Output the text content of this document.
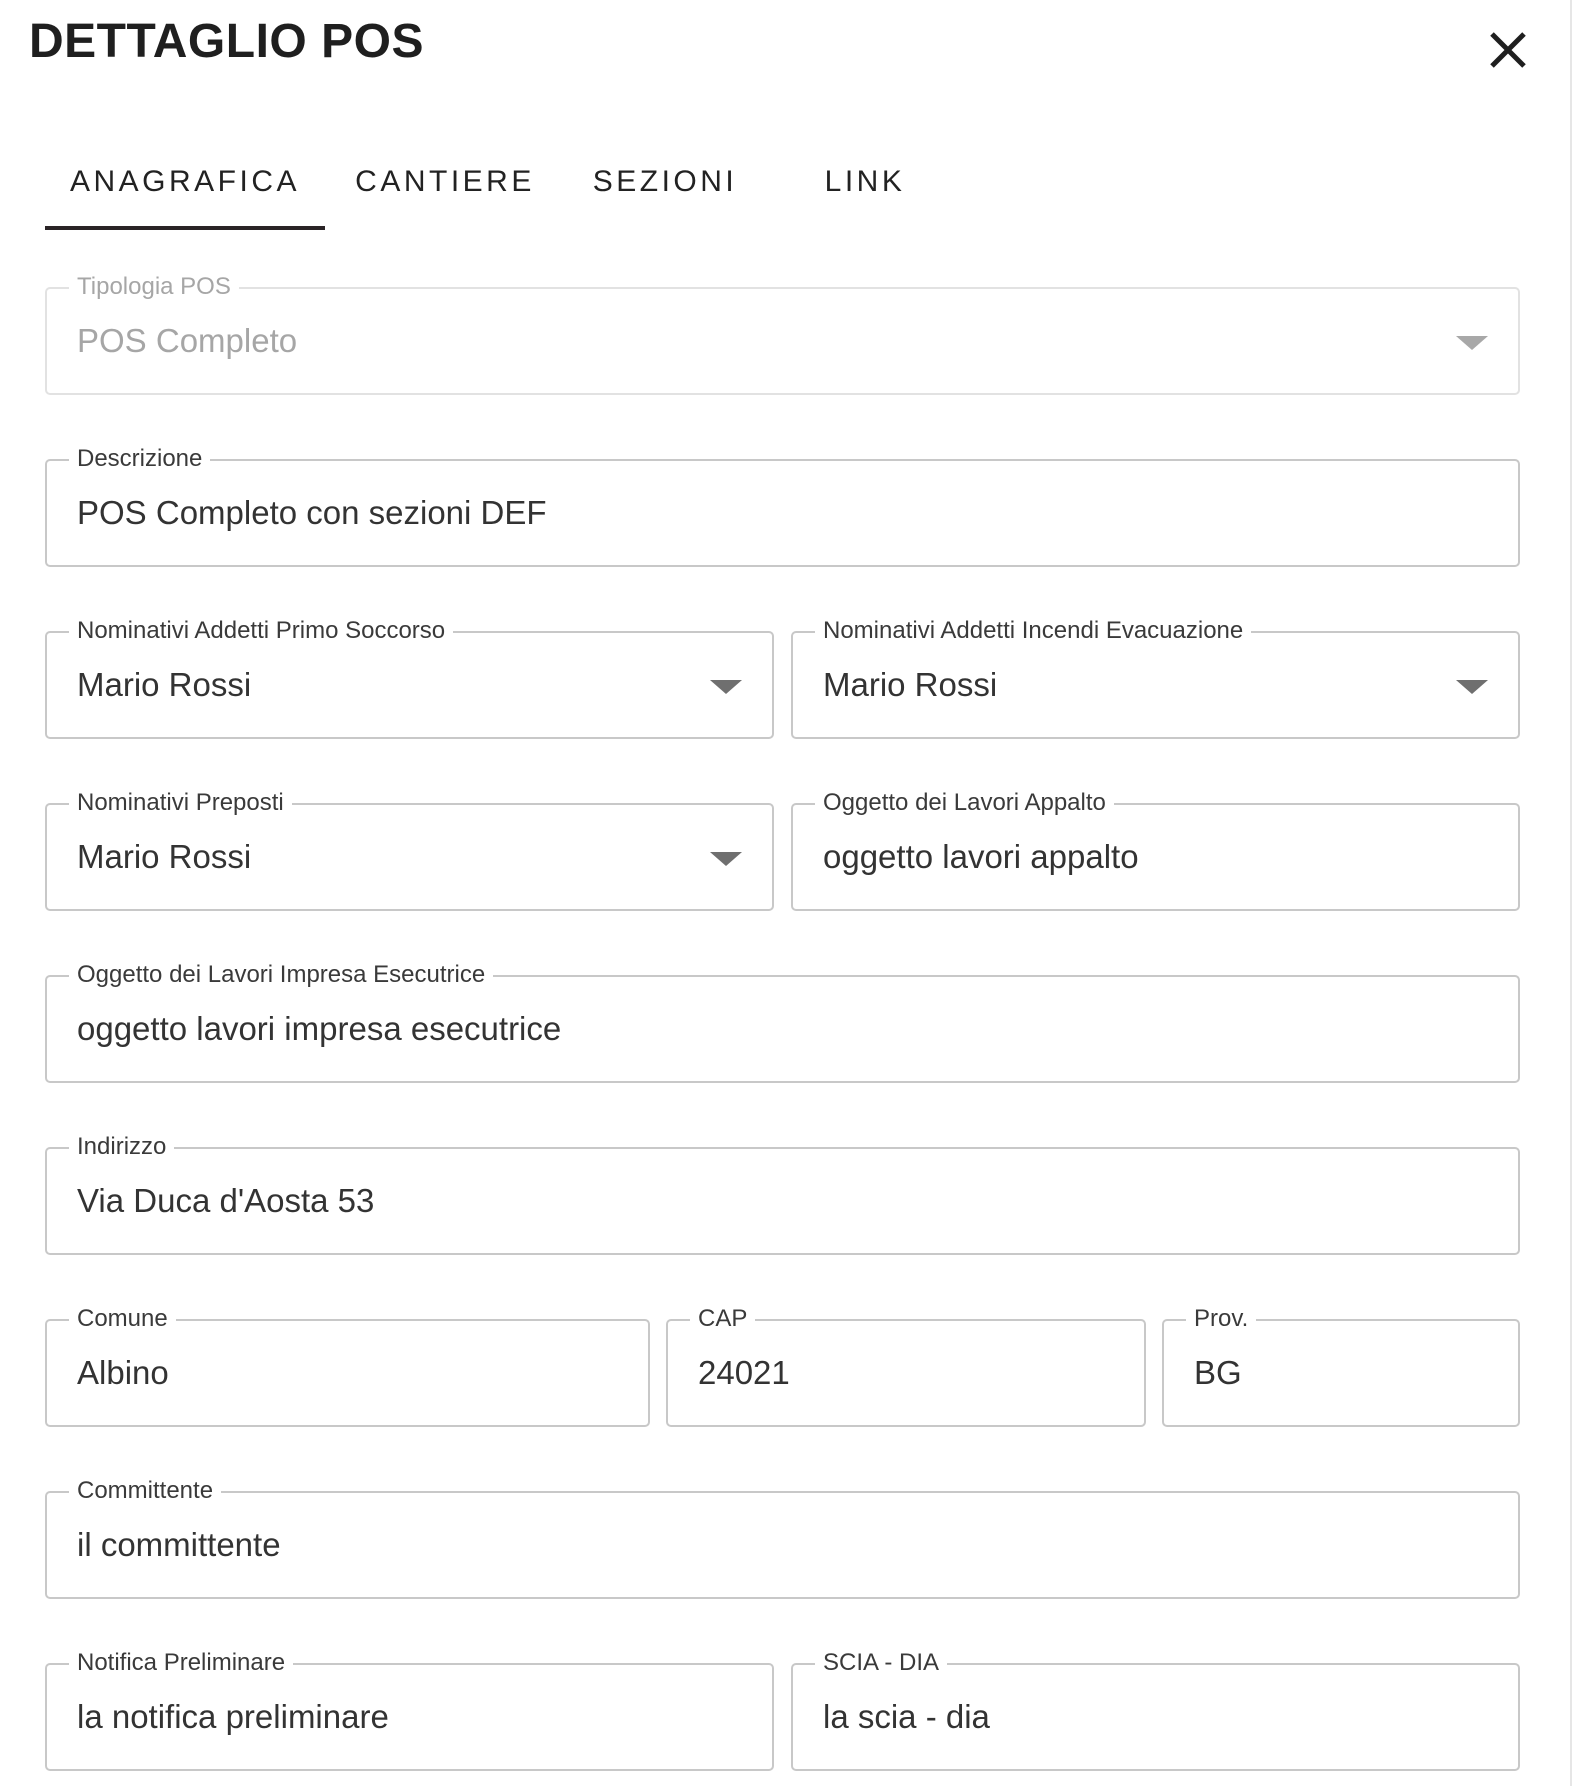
DETTAGLIO POS
ANAGRAFICA	CANTIERE	SEZIONI	LINK
Tipologia POS
POS Completo
Descrizione
POS Completo con sezioni DEF
Nominativi Addetti Primo Soccorso
Mario Rossi
Nominativi Addetti Incendi Evacuazione
Mario Rossi
Nominativi Preposti
Mario Rossi
Oggetto dei Lavori Appalto
oggetto lavori appalto
Oggetto dei Lavori Impresa Esecutrice
oggetto lavori impresa esecutrice
Indirizzo
Via Duca d'Aosta 53
Comune
Albino
CAP
24021
Prov.
BG
Committente
il committente
Notifica Preliminare
la notifica preliminare
SCIA - DIA
la scia - dia
